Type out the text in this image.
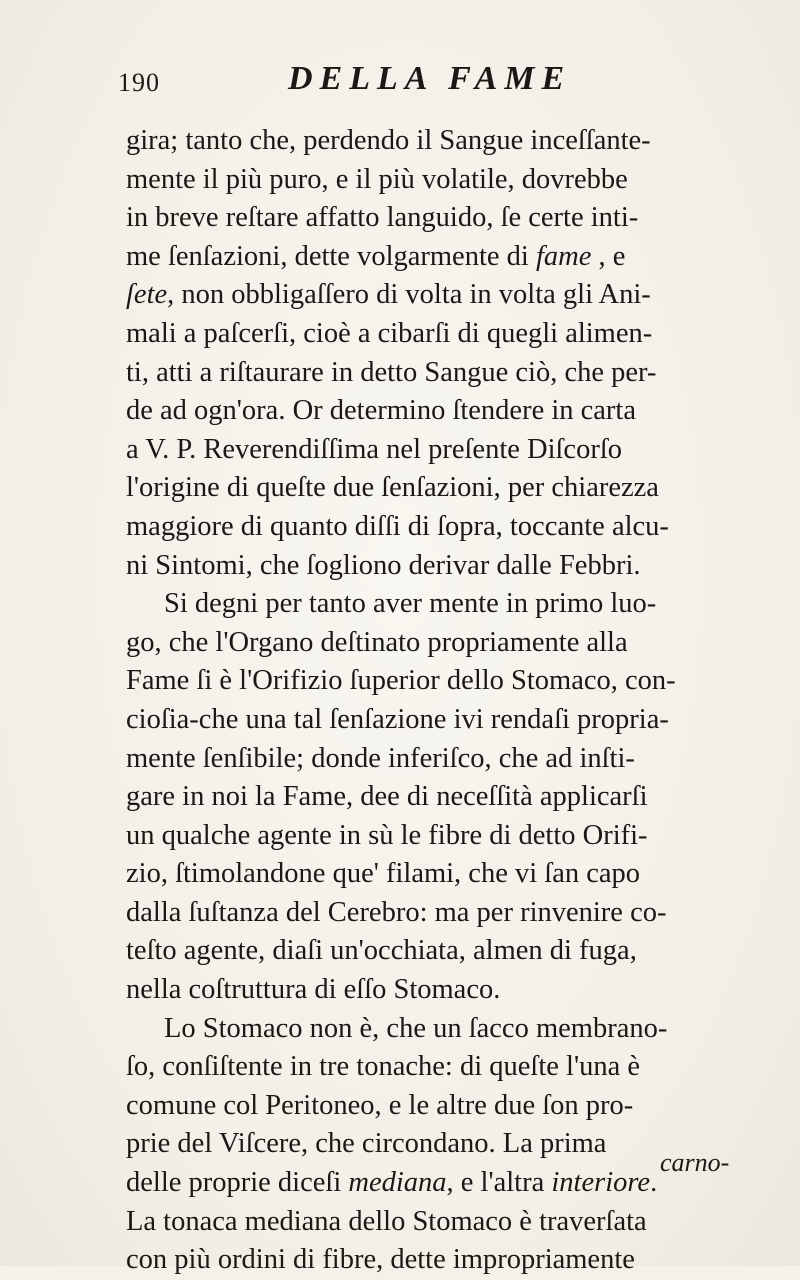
190	DELLA FAME
gira; tanto che, perdendo il Sangue inceſſante-
mente il più puro, e il più volatile, dovrebbe
in breve reſtare affatto languido, ſe certe inti-
me ſenſazioni, dette volgarmente di fame , e
ſete, non obbligaſſero di volta in volta gli Ani-
mali a paſcerſi, cioè a cibarſi di quegli alimen-
ti, atti a riſtaurare in detto Sangue ciò, che per-
de ad ogn'ora. Or determino ſtendere in carta
a V. P. Reverendiſſima nel preſente Diſcorſo
l'origine di queſte due ſenſazioni, per chiarezza
maggiore di quanto diſſi di ſopra, toccante alcu-
ni Sintomi, che ſogliono derivar dalle Febbri.
Si degni per tanto aver mente in primo luo-
go, che l'Organo deſtinato propriamente alla
Fame ſi è l'Orifizio ſuperior dello Stomaco, con-
cioſia-che una tal ſenſazione ivi rendaſi propria-
mente ſenſibile; donde inferiſco, che ad inſti-
gare in noi la Fame, dee di neceſſità applicarſi
un qualche agente in sù le fibre di detto Orifi-
zio, ſtimolandone que' filami, che vi ſan capo
dalla ſuſtanza del Cerebro: ma per rinvenire co-
teſto agente, diaſi un'occhiata, almen di fuga,
nella coſtruttura di eſſo Stomaco.
Lo Stomaco non è, che un ſacco membrano-
ſo, conſiſtente in tre tonache: di queſte l'una è
comune col Peritoneo, e le altre due ſon pro-
prie del Viſcere, che circondano. La prima
delle proprie diceſi mediana, e l'altra interiore.
La tonaca mediana dello Stomaco è traverſata
con più ordini di fibre, dette impropriamente
carno-
